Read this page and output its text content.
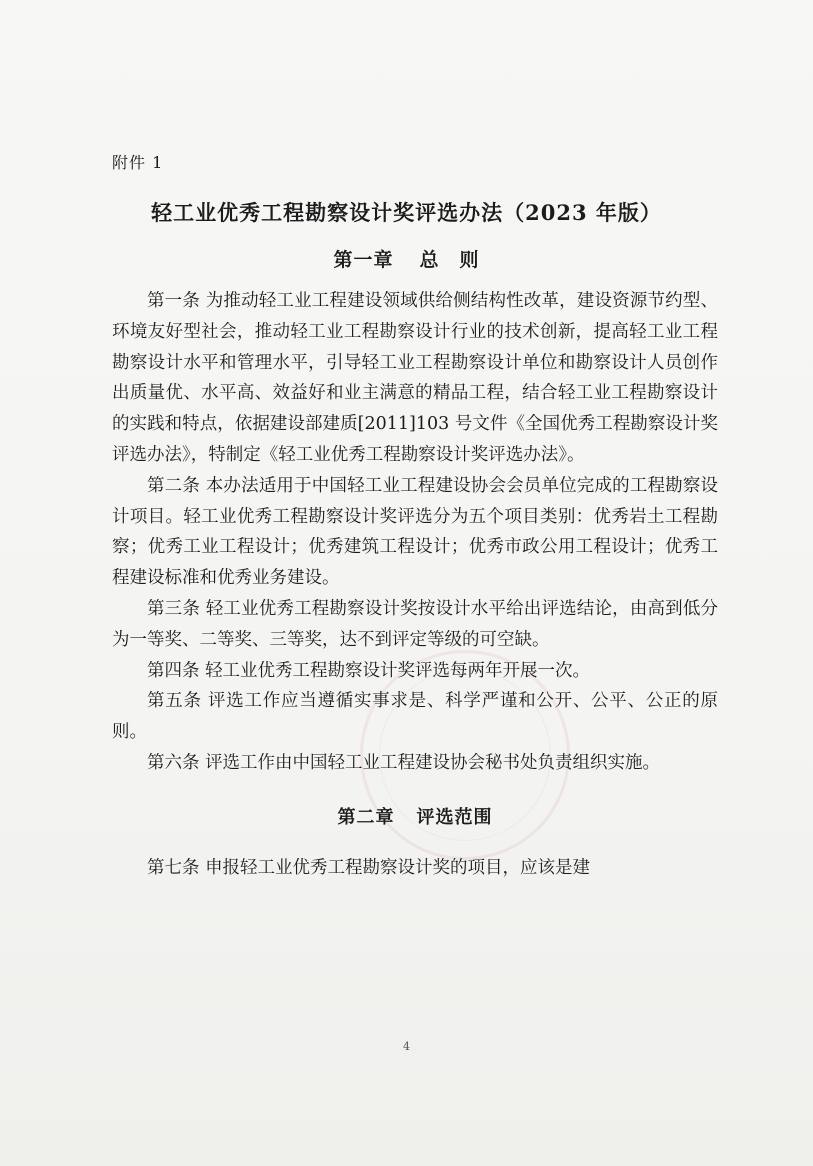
附件 1
轻工业优秀工程勘察设计奖评选办法（2023 年版）
第一章 总　则

第一条 为推动轻工业工程建设领域供给侧结构性改革，建设资源节约型、环境友好型社会，推动轻工业工程勘察设计行业的技术创新，提高轻工业工程勘察设计水平和管理水平，引导轻工业工程勘察设计单位和勘察设计人员创作出质量优、水平高、效益好和业主满意的精品工程，结合轻工业工程勘察设计的实践和特点，依据建设部建质[2011]103 号文件《全国优秀工程勘察设计奖评选办法》，特制定《轻工业优秀工程勘察设计奖评选办法》。

第二条 本办法适用于中国轻工业工程建设协会会员单位完成的工程勘察设计项目。轻工业优秀工程勘察设计奖评选分为五个项目类别：优秀岩土工程勘察；优秀工业工程设计；优秀建筑工程设计；优秀市政公用工程设计；优秀工程建设标准和优秀业务建设。

第三条 轻工业优秀工程勘察设计奖按设计水平给出评选结论，由高到低分为一等奖、二等奖、三等奖，达不到评定等级的可空缺。

第四条 轻工业优秀工程勘察设计奖评选每两年开展一次。

第五条 评选工作应当遵循实事求是、科学严谨和公开、公平、公正的原则。

第六条 评选工作由中国轻工业工程建设协会秘书处负责组织实施。

第二章 评选范围

第七条 申报轻工业优秀工程勘察设计奖的项目，应该是建

4
